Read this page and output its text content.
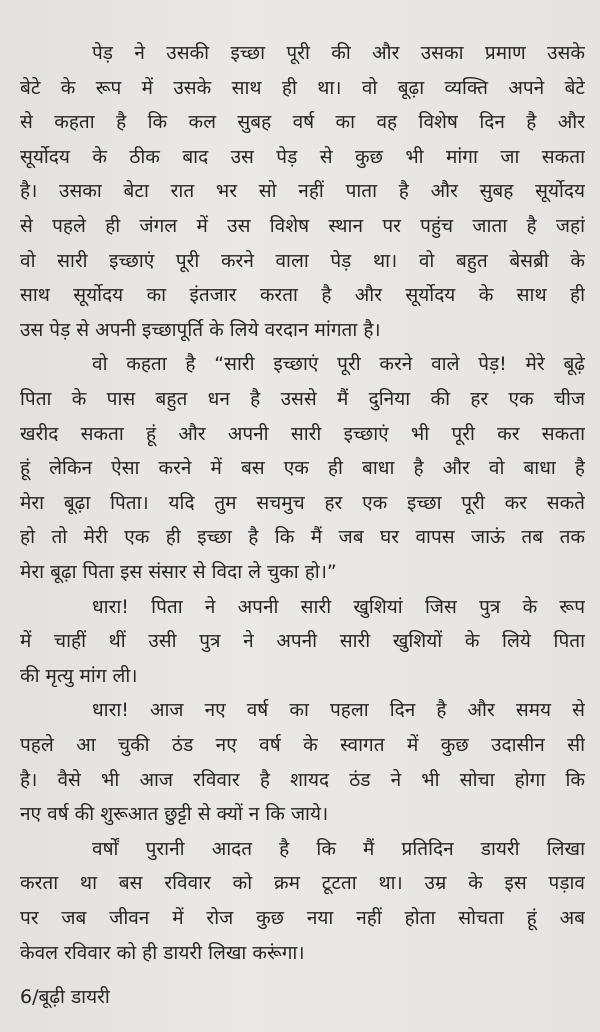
पेड़ ने उसकी इच्छा पूरी की और उसका प्रमाण उसके
बेटे के रूप में उसके साथ ही था। वो बूढ़ा व्यक्ति अपने बेटे
से कहता है कि कल सुबह वर्ष का वह विशेष दिन है और
सूर्योदय के ठीक बाद उस पेड़ से कुछ भी मांगा जा सकता
है। उसका बेटा रात भर सो नहीं पाता है और सुबह सूर्योदय
से पहले ही जंगल में उस विशेष स्थान पर पहुंच जाता है जहां
वो सारी इच्छाएं पूरी करने वाला पेड़ था। वो बहुत बेसब्री के
साथ सूर्योदय का इंतजार करता है और सूर्योदय के साथ ही
उस पेड़ से अपनी इच्छापूर्ति के लिये वरदान मांगता है।
वो कहता है “सारी इच्छाएं पूरी करने वाले पेड़! मेरे बूढ़े
पिता के पास बहुत धन है उससे मैं दुनिया की हर एक चीज
खरीद सकता हूं और अपनी सारी इच्छाएं भी पूरी कर सकता
हूं लेकिन ऐसा करने में बस एक ही बाधा है और वो बाधा है
मेरा बूढ़ा पिता। यदि तुम सचमुच हर एक इच्छा पूरी कर सकते
हो तो मेरी एक ही इच्छा है कि मैं जब घर वापस जाऊं तब तक
मेरा बूढ़ा पिता इस संसार से विदा ले चुका हो।”
धारा! पिता ने अपनी सारी खुशियां जिस पुत्र के रूप
में चाहीं थीं उसी पुत्र ने अपनी सारी खुशियों के लिये पिता
की मृत्यु मांग ली।
धारा! आज नए वर्ष का पहला दिन है और समय से
पहले आ चुकी ठंड नए वर्ष के स्वागत में कुछ उदासीन सी
है। वैसे भी आज रविवार है शायद ठंड ने भी सोचा होगा कि
नए वर्ष की शुरूआत छुट्टी से क्यों न कि जाये।
वर्षों पुरानी आदत है कि मैं प्रतिदिन डायरी लिखा
करता था बस रविवार को क्रम टूटता था। उम्र के इस पड़ाव
पर जब जीवन में रोज कुछ नया नहीं होता सोचता हूं अब
केवल रविवार को ही डायरी लिखा करूंगा।
6/बूढ़ी डायरी
